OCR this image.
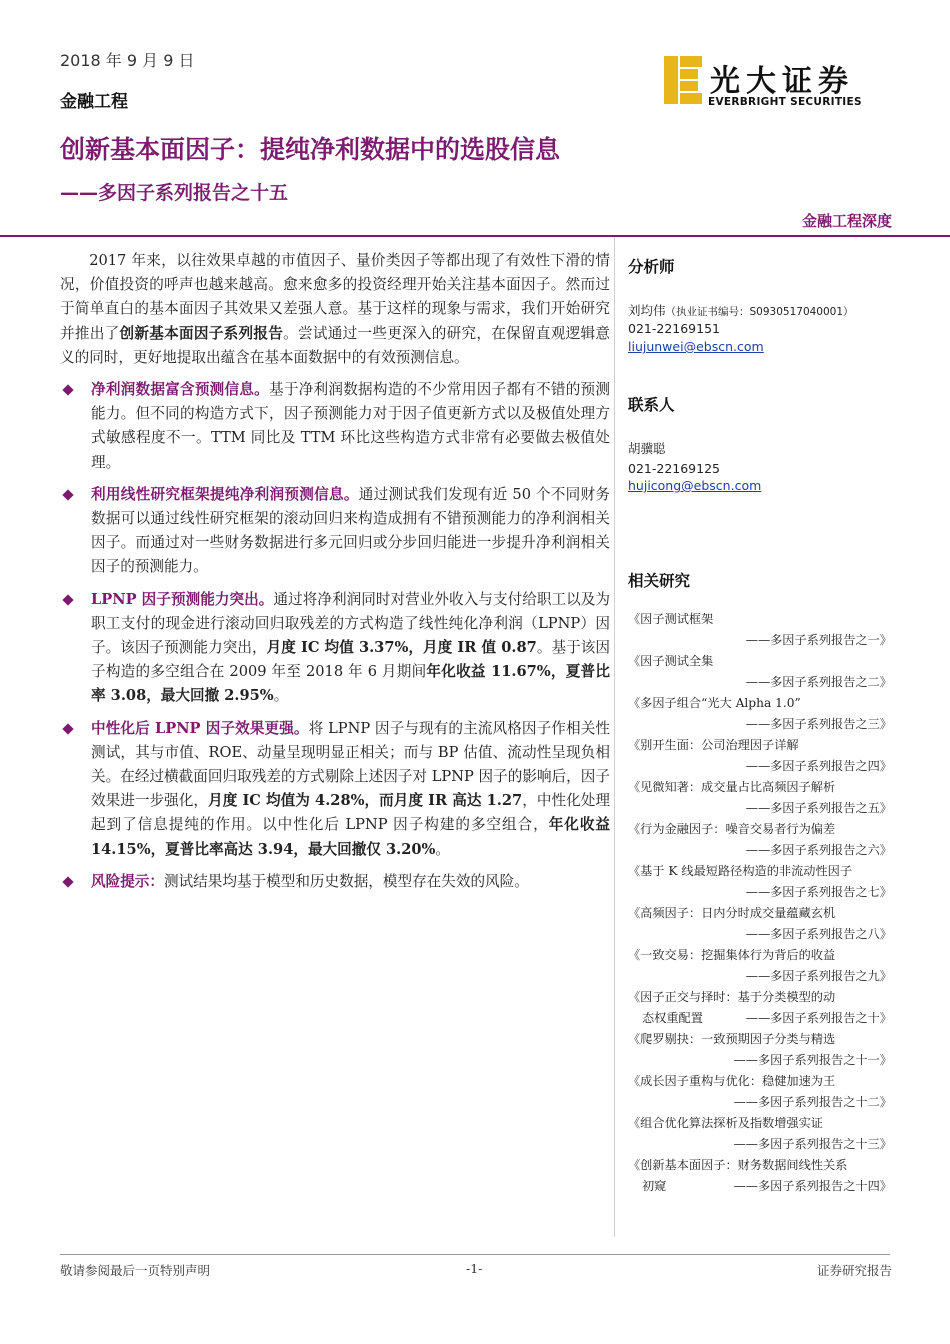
2018 年 9 月 9 日
金融工程
光大证券
EVERBRIGHT SECURITIES
创新基本面因子：提纯净利数据中的选股信息
——多因子系列报告之十五
金融工程深度

2017 年来，以往效果卓越的市值因子、量价类因子等都出现了有效性下滑的情况，价值投资的呼声也越来越高。愈来愈多的投资经理开始关注基本面因子。然而过于简单直白的基本面因子其效果又差强人意。基于这样的现象与需求，我们开始研究并推出了创新基本面因子系列报告。尝试通过一些更深入的研究，在保留直观逻辑意义的同时，更好地提取出蕴含在基本面数据中的有效预测信息。

净利润数据富含预测信息。基于净利润数据构造的不少常用因子都有不错的预测能力。但不同的构造方式下，因子预测能力对于因子值更新方式以及极值处理方式敏感程度不一。TTM 同比及 TTM 环比这些构造方式非常有必要做去极值处理。

利用线性研究框架提纯净利润预测信息。通过测试我们发现有近 50 个不同财务数据可以通过线性研究框架的滚动回归来构造成拥有不错预测能力的净利润相关因子。而通过对一些财务数据进行多元回归或分步回归能进一步提升净利润相关因子的预测能力。

LPNP 因子预测能力突出。通过将净利润同时对营业外收入与支付给职工以及为职工支付的现金进行滚动回归取残差的方式构造了线性纯化净利润（LPNP）因子。该因子预测能力突出，月度 IC 均值 3.37%，月度 IR 值 0.87。基于该因子构造的多空组合在 2009 年至 2018 年 6 月期间年化收益 11.67%，夏普比率 3.08，最大回撤 2.95%。

中性化后 LPNP 因子效果更强。将 LPNP 因子与现有的主流风格因子作相关性测试，其与市值、ROE、动量呈现明显正相关；而与 BP 估值、流动性呈现负相关。在经过横截面回归取残差的方式剔除上述因子对 LPNP 因子的影响后，因子效果进一步强化，月度 IC 均值为 4.28%，而月度 IR 高达 1.27，中性化处理起到了信息提纯的作用。以中性化后 LPNP 因子构建的多空组合，年化收益 14.15%，夏普比率高达 3.94，最大回撤仅 3.20%。

风险提示：测试结果均基于模型和历史数据，模型存在失效的风险。

分析师
刘均伟（执业证书编号：S0930517040001）
021-22169151
liujunwei@ebscn.com
联系人
胡骥聪
021-22169125
hujicong@ebscn.com
相关研究
《因子测试框架
——多因子系列报告之一》
《因子测试全集
——多因子系列报告之二》
《多因子组合“光大 Alpha 1.0”
——多因子系列报告之三》
《别开生面：公司治理因子详解
——多因子系列报告之四》
《见微知著：成交量占比高频因子解析
——多因子系列报告之五》
《行为金融因子：噪音交易者行为偏差
——多因子系列报告之六》
《基于 K 线最短路径构造的非流动性因子
——多因子系列报告之七》
《高频因子：日内分时成交量蕴藏玄机
——多因子系列报告之八》
《一致交易：挖掘集体行为背后的收益
——多因子系列报告之九》
《因子正交与择时：基于分类模型的动
态权重配置	——多因子系列报告之十》
《爬罗剔抉：一致预期因子分类与精选
——多因子系列报告之十一》
《成长因子重构与优化：稳健加速为王
——多因子系列报告之十二》
《组合优化算法探析及指数增强实证
——多因子系列报告之十三》
《创新基本面因子：财务数据间线性关系
初窥	——多因子系列报告之十四》
敬请参阅最后一页特别声明	-1-	证券研究报告
